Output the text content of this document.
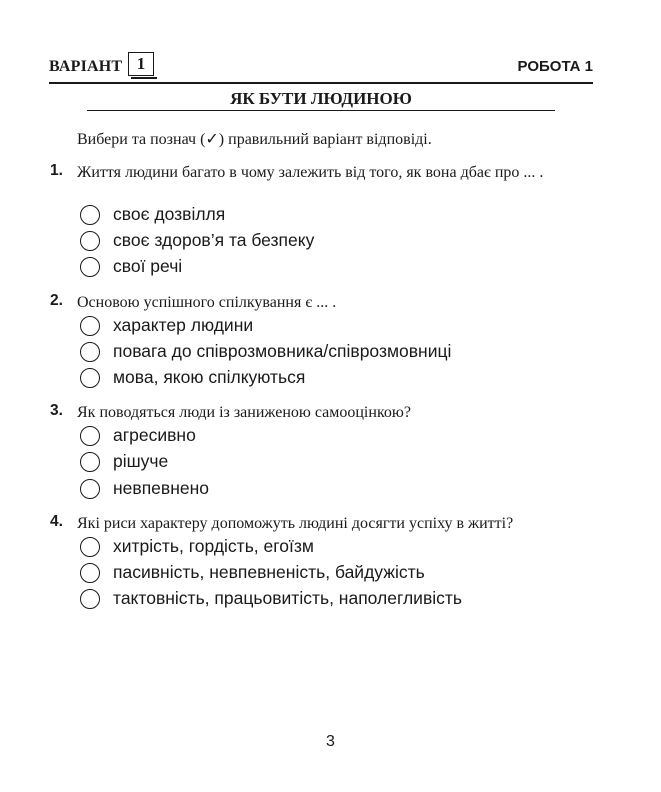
ВАРІАНТ 1	РОБОТА 1
ЯК БУТИ ЛЮДИНОЮ
Вибери та познач (✓) правильний варіант відповіді.
1. Життя людини багато в чому залежить від того, як вона дбає про ... .
своє дозвілля
своє здоров’я та безпеку
свої речі
2. Основою успішного спілкування є ... .
характер людини
повага до співрозмовника/співрозмовниці
мова, якою спілкуються
3. Як поводяться люди із заниженою самооцінкою?
агресивно
рішуче
невпевнено
4. Які риси характеру допоможуть людині досягти успіху в житті?
хитрість, гордість, егоїзм
пасивність, невпевненість, байдужість
тактовність, працьовитість, наполегливість
3
